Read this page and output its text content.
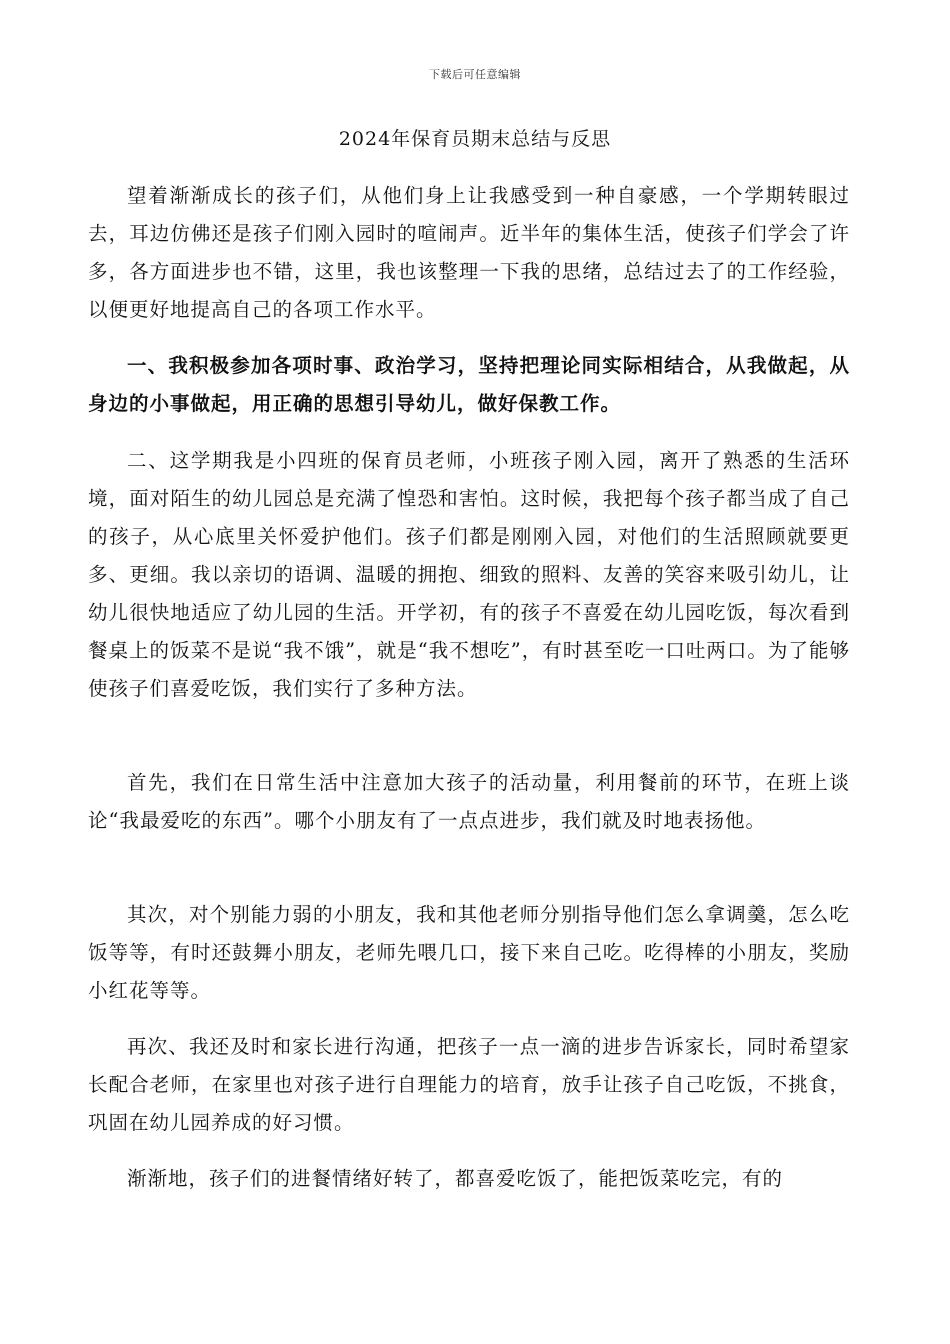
下载后可任意编辑
2024年保育员期末总结与反思

望着渐渐成长的孩子们，从他们身上让我感受到一种自豪感，一个学期转眼过去，耳边仿佛还是孩子们刚入园时的喧闹声。近半年的集体生活，使孩子们学会了许多，各方面进步也不错，这里，我也该整理一下我的思绪，总结过去了的工作经验，以便更好地提高自己的各项工作水平。

一、我积极参加各项时事、政治学习，坚持把理论同实际相结合，从我做起，从身边的小事做起，用正确的思想引导幼儿，做好保教工作。

二、这学期我是小四班的保育员老师，小班孩子刚入园，离开了熟悉的生活环境，面对陌生的幼儿园总是充满了惶恐和害怕。这时候，我把每个孩子都当成了自己的孩子，从心底里关怀爱护他们。孩子们都是刚刚入园，对他们的生活照顾就要更多、更细。我以亲切的语调、温暖的拥抱、细致的照料、友善的笑容来吸引幼儿，让幼儿很快地适应了幼儿园的生活。开学初，有的孩子不喜爱在幼儿园吃饭，每次看到餐桌上的饭菜不是说“我不饿”，就是“我不想吃”，有时甚至吃一口吐两口。为了能够使孩子们喜爱吃饭，我们实行了多种方法。

首先，我们在日常生活中注意加大孩子的活动量，利用餐前的环节，在班上谈论“我最爱吃的东西”。哪个小朋友有了一点点进步，我们就及时地表扬他。

其次，对个别能力弱的小朋友，我和其他老师分别指导他们怎么拿调羹，怎么吃饭等等，有时还鼓舞小朋友，老师先喂几口，接下来自己吃。吃得棒的小朋友，奖励小红花等等。

再次、我还及时和家长进行沟通，把孩子一点一滴的进步告诉家长，同时希望家长配合老师，在家里也对孩子进行自理能力的培育，放手让孩子自己吃饭，不挑食，巩固在幼儿园养成的好习惯。

渐渐地，孩子们的进餐情绪好转了，都喜爱吃饭了，能把饭菜吃完，有的
